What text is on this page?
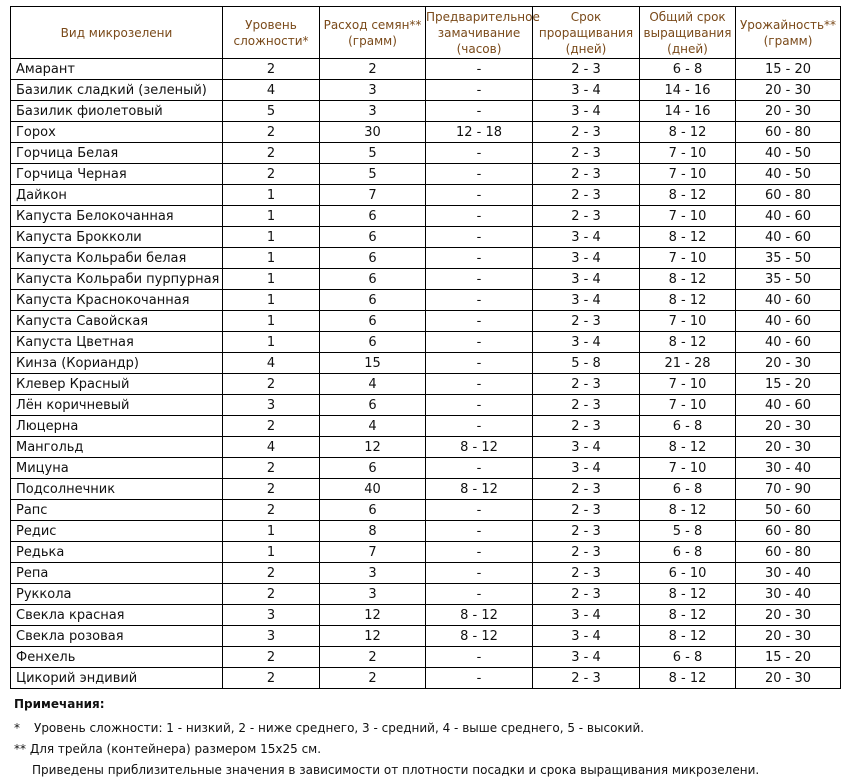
Вид микрозелени	Уровень сложности*	Расход семян** (грамм)	Предварительное замачивание (часов)	Срок проращивания (дней)	Общий срок выращивания (дней)	Урожайность** (грамм)
Амарант	2	2	-	2 - 3	6 - 8	15 - 20
Базилик сладкий (зеленый)	4	3	-	3 - 4	14 - 16	20 - 30
Базилик фиолетовый	5	3	-	3 - 4	14 - 16	20 - 30
Горох	2	30	12 - 18	2 - 3	8 - 12	60 - 80
Горчица Белая	2	5	-	2 - 3	7 - 10	40 - 50
Горчица Черная	2	5	-	2 - 3	7 - 10	40 - 50
Дайкон	1	7	-	2 - 3	8 - 12	60 - 80
Капуста Белокочанная	1	6	-	2 - 3	7 - 10	40 - 60
Капуста Брокколи	1	6	-	3 - 4	8 - 12	40 - 60
Капуста Кольраби белая	1	6	-	3 - 4	7 - 10	35 - 50
Капуста Кольраби пурпурная	1	6	-	3 - 4	8 - 12	35 - 50
Капуста Краснокочанная	1	6	-	3 - 4	8 - 12	40 - 60
Капуста Савойская	1	6	-	2 - 3	7 - 10	40 - 60
Капуста Цветная	1	6	-	3 - 4	8 - 12	40 - 60
Кинза (Кориандр)	4	15	-	5 - 8	21 - 28	20 - 30
Клевер Красный	2	4	-	2 - 3	7 - 10	15 - 20
Лён коричневый	3	6	-	2 - 3	7 - 10	40 - 60
Люцерна	2	4	-	2 - 3	6 - 8	20 - 30
Мангольд	4	12	8 - 12	3 - 4	8 - 12	20 - 30
Мицуна	2	6	-	3 - 4	7 - 10	30 - 40
Подсолнечник	2	40	8 - 12	2 - 3	6 - 8	70 - 90
Рапс	2	6	-	2 - 3	8 - 12	50 - 60
Редис	1	8	-	2 - 3	5 - 8	60 - 80
Редька	1	7	-	2 - 3	6 - 8	60 - 80
Репа	2	3	-	2 - 3	6 - 10	30 - 40
Руккола	2	3	-	2 - 3	8 - 12	30 - 40
Свекла красная	3	12	8 - 12	3 - 4	8 - 12	20 - 30
Свекла розовая	3	12	8 - 12	3 - 4	8 - 12	20 - 30
Фенхель	2	2	-	3 - 4	6 - 8	15 - 20
Цикорий эндивий	2	2	-	2 - 3	8 - 12	20 - 30
Примечания:
* Уровень сложности: 1 - низкий, 2 - ниже среднего, 3 - средний, 4 - выше среднего, 5 - высокий.
** Для трейла (контейнера) размером 15х25 см.
Приведены приблизительные значения в зависимости от плотности посадки и срока выращивания микрозелени.
